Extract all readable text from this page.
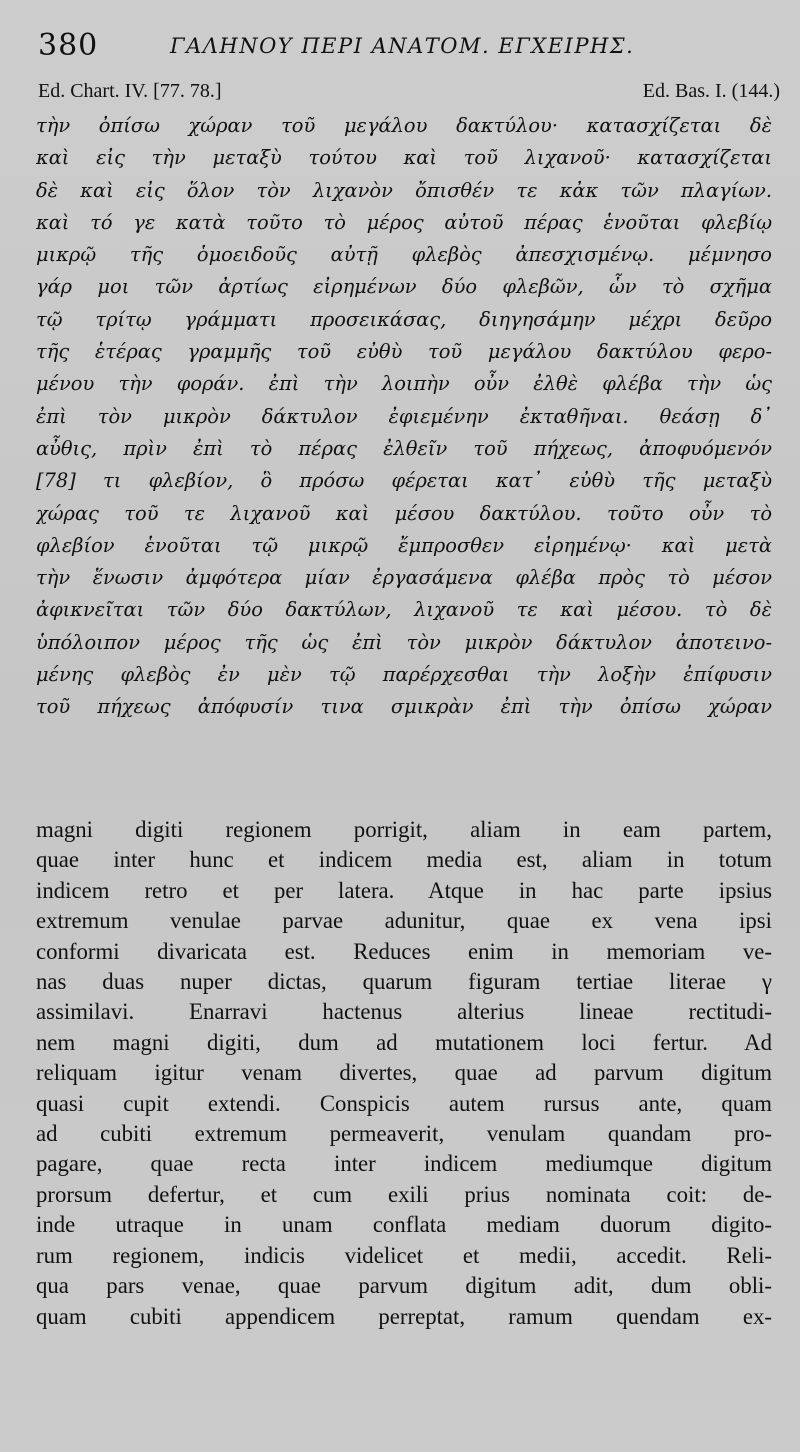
380	ΓΑΛΗΝΟΥ ΠΕΡΙ ΑΝΑΤΟΜ. ΕΓΧΕΙΡΗΣ.
Ed. Chart. IV. [77. 78.]	Ed. Bas. I. (144.)
τὴν ὀπίσω χώραν τοῦ μεγάλου δακτύλου· κατασχίζεται δὲ
καὶ εἰς τὴν μεταξὺ τούτου καὶ τοῦ λιχανοῦ· κατασχίζεται
δὲ καὶ εἰς ὅλον τὸν λιχανὸν ὄπισθέν τε κἀκ τῶν πλαγίων.
καὶ τό γε κατὰ τοῦτο τὸ μέρος αὐτοῦ πέρας ἑνοῦται φλεβίῳ
μικρῷ τῆς ὁμοειδοῦς αὐτῇ φλεβὸς ἀπεσχισμένῳ. μέμνησο
γάρ μοι τῶν ἀρτίως εἰρημένων δύο φλεβῶν, ὧν τὸ σχῆμα
τῷ τρίτῳ γράμματι προσεικάσας, διηγησάμην μέχρι δεῦρο
τῆς ἑτέρας γραμμῆς τοῦ εὐθὺ τοῦ μεγάλου δακτύλου φερο-
μένου τὴν φοράν. ἐπὶ τὴν λοιπὴν οὖν ἐλθὲ φλέβα τὴν ὡς
ἐπὶ τὸν μικρὸν δάκτυλον ἐφιεμένην ἐκταθῆναι. θεάσῃ δ᾽
αὖθις, πρὶν ἐπὶ τὸ πέρας ἐλθεῖν τοῦ πήχεως, ἀποφυόμενόν
[78] τι φλεβίον, ὃ πρόσω φέρεται κατ᾽ εὐθὺ τῆς μεταξὺ
χώρας τοῦ τε λιχανοῦ καὶ μέσου δακτύλου. τοῦτο οὖν τὸ
φλεβίον ἑνοῦται τῷ μικρῷ ἔμπροσθεν εἰρημένῳ· καὶ μετὰ
τὴν ἕνωσιν ἀμφότερα μίαν ἐργασάμενα φλέβα πρὸς τὸ μέσον
ἀφικνεῖται τῶν δύο δακτύλων, λιχανοῦ τε καὶ μέσου. τὸ δὲ
ὑπόλοιπον μέρος τῆς ὡς ἐπὶ τὸν μικρὸν δάκτυλον ἀποτεινο-
μένης φλεβὸς ἐν μὲν τῷ παρέρχεσθαι τὴν λοξὴν ἐπίφυσιν
τοῦ πήχεως ἀπόφυσίν τινα σμικρὰν ἐπὶ τὴν ὀπίσω χώραν
magni digiti regionem porrigit, aliam in eam partem,
quae inter hunc et indicem media est, aliam in totum
indicem retro et per latera. Atque in hac parte ipsius
extremum venulae parvae adunitur, quae ex vena ipsi
conformi divaricata est. Reduces enim in memoriam ve-
nas duas nuper dictas, quarum figuram tertiae literae γ
assimilavi. Enarravi hactenus alterius lineae rectitudi-
nem magni digiti, dum ad mutationem loci fertur. Ad
reliquam igitur venam divertes, quae ad parvum digitum
quasi cupit extendi. Conspicis autem rursus ante, quam
ad cubiti extremum permeaverit, venulam quandam pro-
pagare, quae recta inter indicem mediumque digitum
prorsum defertur, et cum exili prius nominata coit: de-
inde utraque in unam conflata mediam duorum digito-
rum regionem, indicis videlicet et medii, accedit. Reli-
qua pars venae, quae parvum digitum adit, dum obli-
quam cubiti appendicem perreptat, ramum quendam ex-
